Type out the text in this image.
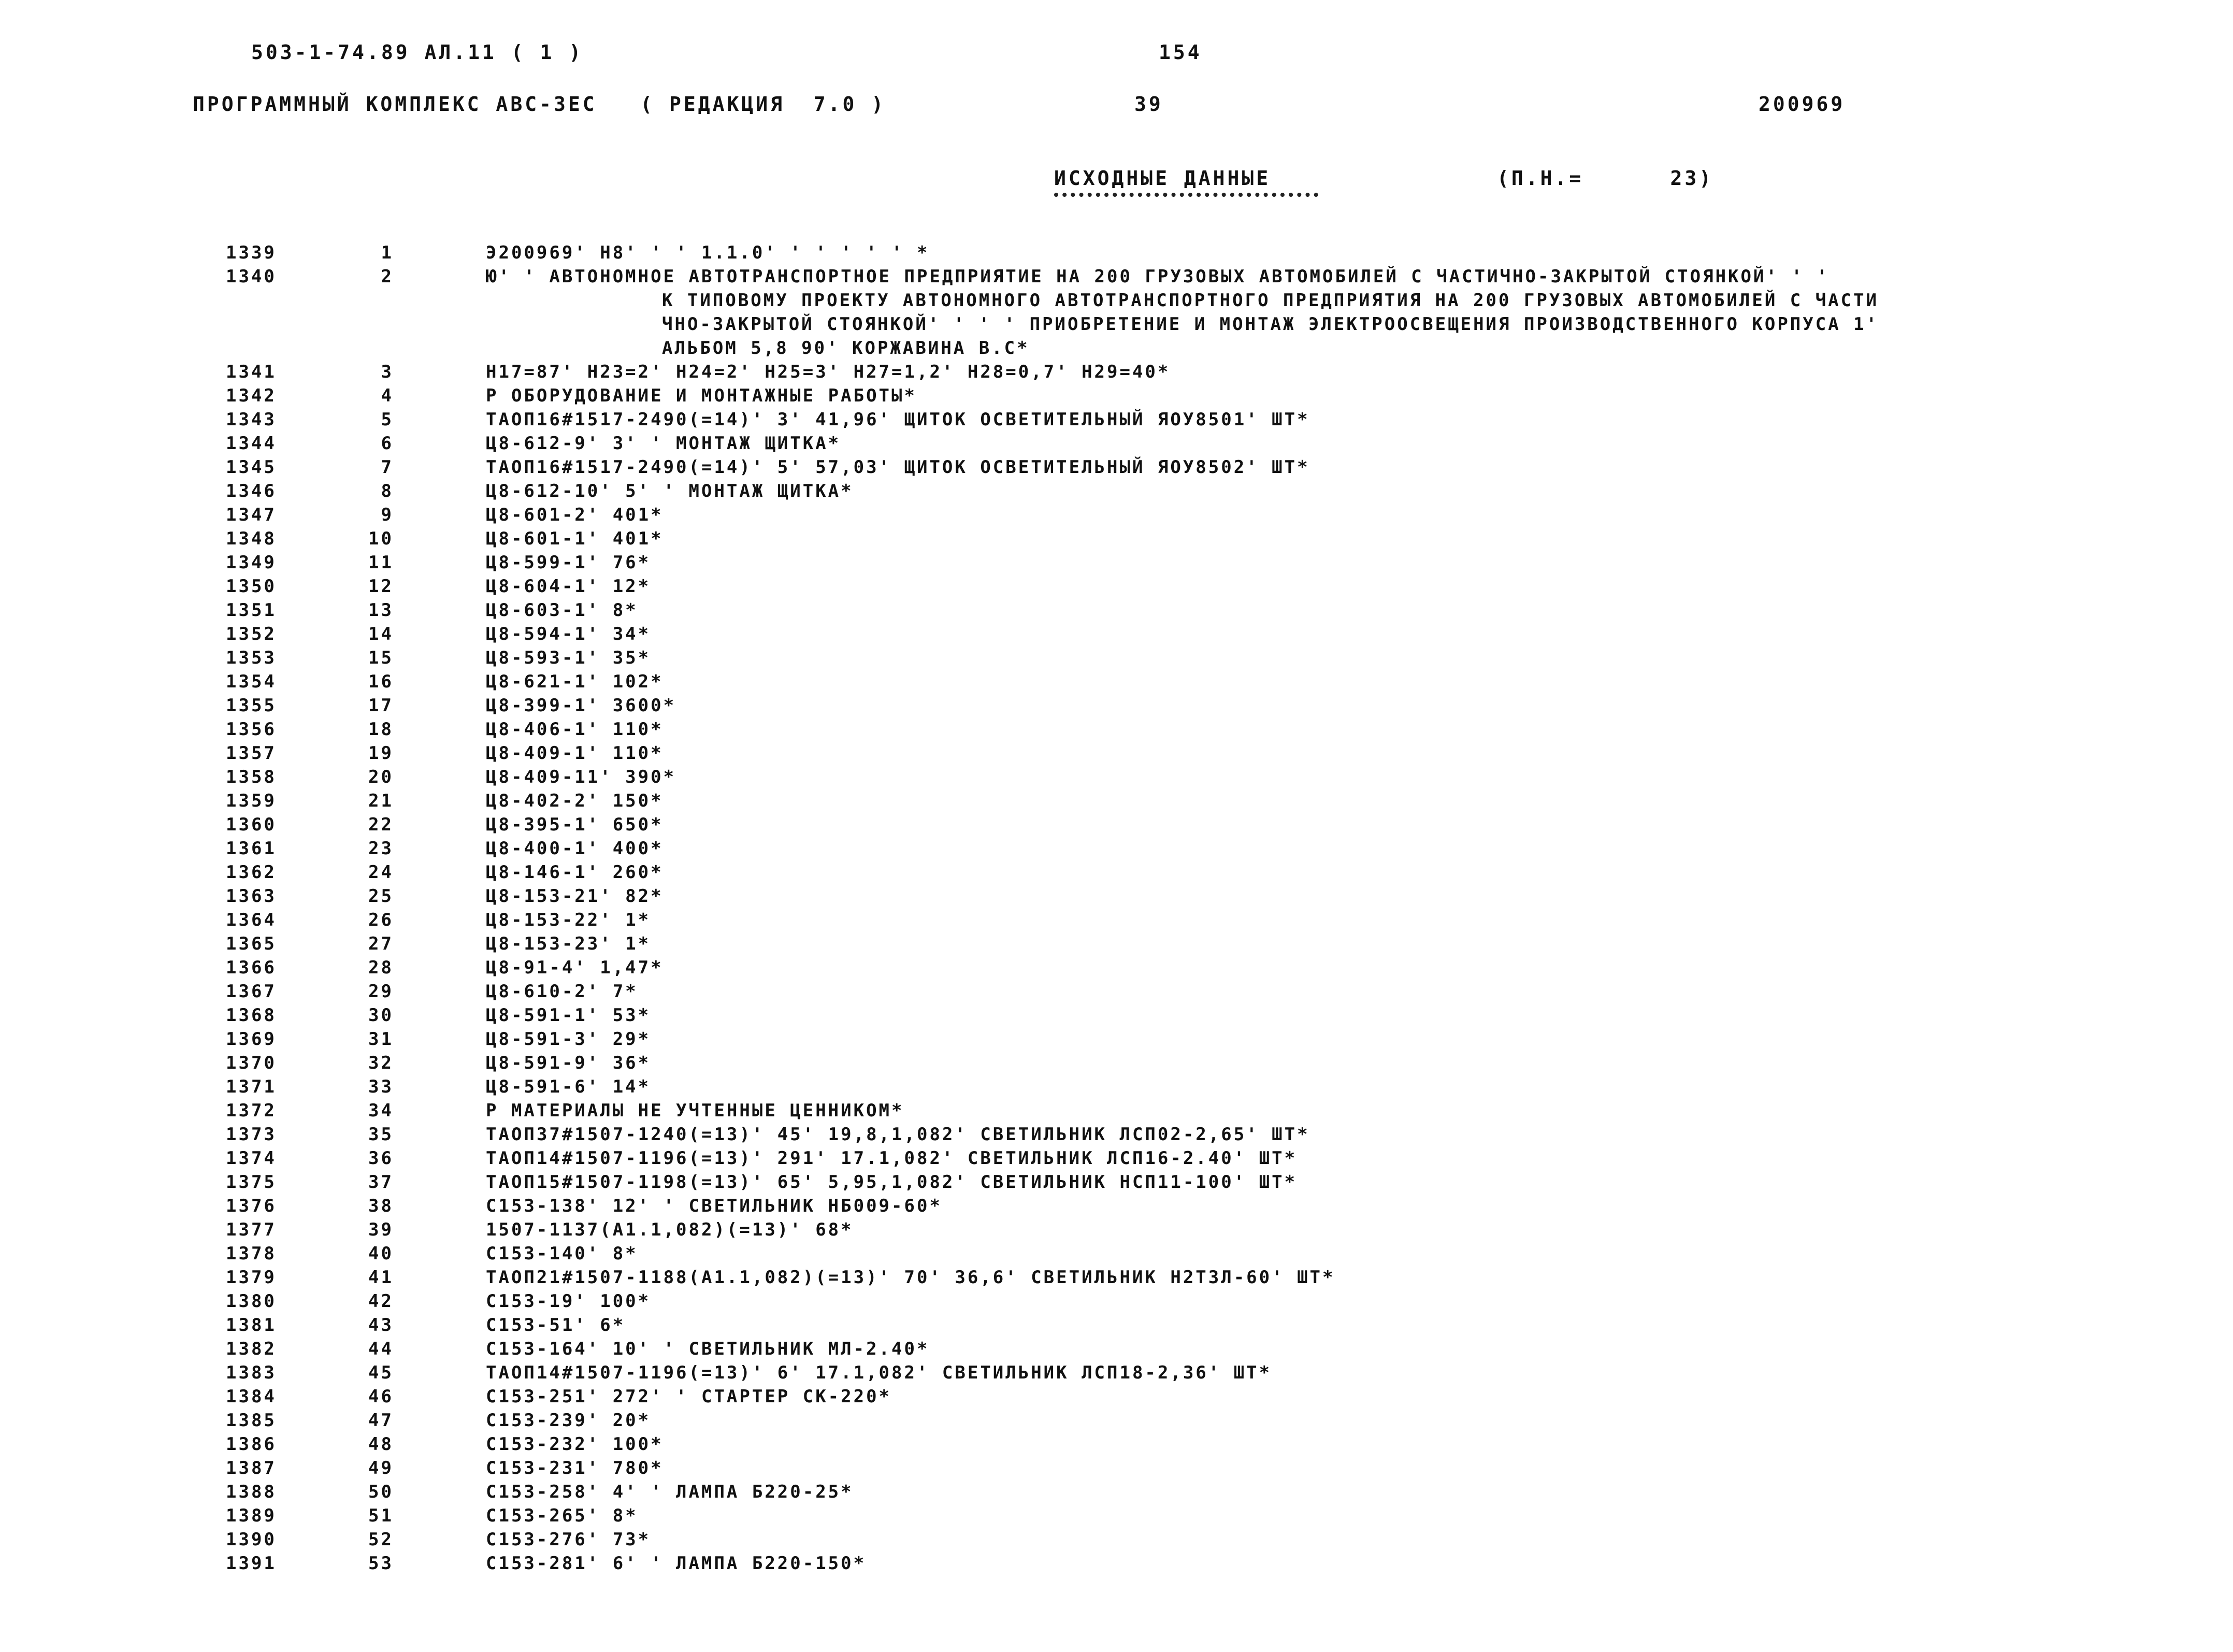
503-1-74.89 АЛ.11 ( 1 )	154
ПРОГРАММНЫЙ КОМПЛЕКС АВС-3ЕС   ( РЕДАКЦИЯ  7.0 )	39	200969
ИСХОДНЫЕ ДАННЫЕ	(П.Н.=      23)
1339	1	Э200969' Н8' ' ' 1.1.0' ' ' ' ' ' *
1340	2	Ю' ' АВТОНОМНОЕ АВТОТРАНСПОРТНОЕ ПРЕДПРИЯТИЕ НА 200 ГРУЗОВЫХ АВТОМОБИЛЕЙ С ЧАСТИЧНО-ЗАКРЫТОЙ СТОЯНКОЙ' ' '
К ТИПОВОМУ ПРОЕКТУ АВТОНОМНОГО АВТОТРАНСПОРТНОГО ПРЕДПРИЯТИЯ НА 200 ГРУЗОВЫХ АВТОМОБИЛЕЙ С ЧАСТИ
ЧНО-ЗАКРЫТОЙ СТОЯНКОЙ' ' ' ' ПРИОБРЕТЕНИЕ И МОНТАЖ ЭЛЕКТРООСВЕЩЕНИЯ ПРОИЗВОДСТВЕННОГО КОРПУСА 1'
АЛЬБОМ 5,8 90' КОРЖАВИНА В.С*
1341	3	Н17=87' Н23=2' Н24=2' Н25=3' Н27=1,2' Н28=0,7' Н29=40*
1342	4	Р ОБОРУДОВАНИЕ И МОНТАЖНЫЕ РАБОТЫ*
1343	5	ТАОП16#1517-2490(=14)' 3' 41,96' ЩИТОК ОСВЕТИТЕЛЬНЫЙ ЯОУ8501' ШТ*
1344	6	Ц8-612-9' 3' ' МОНТАЖ ЩИТКА*
1345	7	ТАОП16#1517-2490(=14)' 5' 57,03' ЩИТОК ОСВЕТИТЕЛЬНЫЙ ЯОУ8502' ШТ*
1346	8	Ц8-612-10' 5' ' МОНТАЖ ЩИТКА*
1347	9	Ц8-601-2' 401*
1348	10	Ц8-601-1' 401*
1349	11	Ц8-599-1' 76*
1350	12	Ц8-604-1' 12*
1351	13	Ц8-603-1' 8*
1352	14	Ц8-594-1' 34*
1353	15	Ц8-593-1' 35*
1354	16	Ц8-621-1' 102*
1355	17	Ц8-399-1' 3600*
1356	18	Ц8-406-1' 110*
1357	19	Ц8-409-1' 110*
1358	20	Ц8-409-11' 390*
1359	21	Ц8-402-2' 150*
1360	22	Ц8-395-1' 650*
1361	23	Ц8-400-1' 400*
1362	24	Ц8-146-1' 260*
1363	25	Ц8-153-21' 82*
1364	26	Ц8-153-22' 1*
1365	27	Ц8-153-23' 1*
1366	28	Ц8-91-4' 1,47*
1367	29	Ц8-610-2' 7*
1368	30	Ц8-591-1' 53*
1369	31	Ц8-591-3' 29*
1370	32	Ц8-591-9' 36*
1371	33	Ц8-591-6' 14*
1372	34	Р МАТЕРИАЛЫ НЕ УЧТЕННЫЕ ЦЕННИКОМ*
1373	35	ТАОП37#1507-1240(=13)' 45' 19,8,1,082' СВЕТИЛЬНИК ЛСП02-2,65' ШТ*
1374	36	ТАОП14#1507-1196(=13)' 291' 17.1,082' СВЕТИЛЬНИК ЛСП16-2.40' ШТ*
1375	37	ТАОП15#1507-1198(=13)' 65' 5,95,1,082' СВЕТИЛЬНИК НСП11-100' ШТ*
1376	38	С153-138' 12' ' СВЕТИЛЬНИК НБ009-60*
1377	39	1507-1137(А1.1,082)(=13)' 68*
1378	40	С153-140' 8*
1379	41	ТАОП21#1507-1188(А1.1,082)(=13)' 70' 36,6' СВЕТИЛЬНИК Н2Т3Л-60' ШТ*
1380	42	С153-19' 100*
1381	43	С153-51' 6*
1382	44	С153-164' 10' ' СВЕТИЛЬНИК МЛ-2.40*
1383	45	ТАОП14#1507-1196(=13)' 6' 17.1,082' СВЕТИЛЬНИК ЛСП18-2,36' ШТ*
1384	46	С153-251' 272' ' СТАРТЕР СК-220*
1385	47	С153-239' 20*
1386	48	С153-232' 100*
1387	49	С153-231' 780*
1388	50	С153-258' 4' ' ЛАМПА Б220-25*
1389	51	С153-265' 8*
1390	52	С153-276' 73*
1391	53	С153-281' 6' ' ЛАМПА Б220-150*
